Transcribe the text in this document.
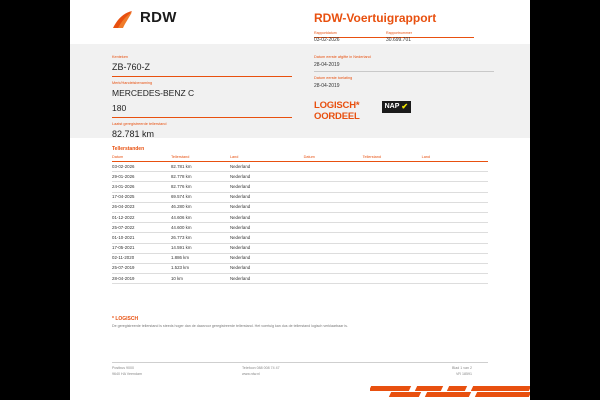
RDW	RDW-Voertuigrapport
Rapportdatum
03-02-2026
Rapportnummer
30.699.701
Kenteken
ZB-760-Z
Merk/Handelsbenaming
MERCEDES-BENZ C
180
Laatst geregistreerde tellerstand
82.781 km
Datum eerste afgifte in Nederland
28-04-2019
Datum eerste toelating
28-04-2019
LOGISCH*
OORDEEL
NAP ✔
Tellerstanden
Datum	Tellerstand	Land		Datum	Tellerstand	Land
03-02-2026	82.781 km	Nederland				
29-01-2026	82.778 km	Nederland				
24-01-2026	82.776 km	Nederland				
17-04-2025	69.574 km	Nederland				
26-04-2023	46.280 km	Nederland				
01-12-2022	44.606 km	Nederland				
25-07-2022	44.600 km	Nederland				
01-10-2021	26.773 km	Nederland				
17-05-2021	14.591 km	Nederland				
02-11-2020	1.886 km	Nederland				
25-07-2019	1.523 km	Nederland				
28-04-2019	10 km	Nederland				
* LOGISCH
De geregistreerde tellerstand is steeds hoger dan de daarvoor geregistreerde tellerstand. Het voertuig kan dus de tellerstand logisch verklaarbaar is.
Postbus 9000
9640 HA Veendam
Telefoon 088 008 74 47
www.rdw.nl
Blad 1 van 2
VR 18591
